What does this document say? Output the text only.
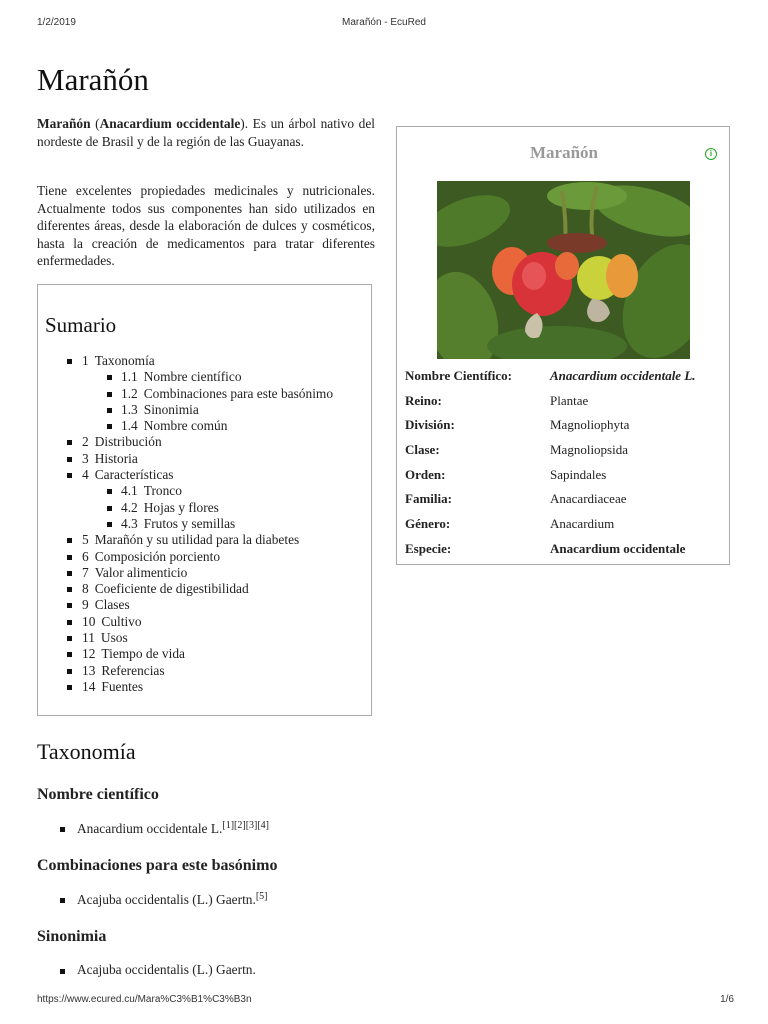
1/2/2019	Marañón - EcuRed
Marañón

Marañón (Anacardium occidentale). Es un árbol nativo del nordeste de Brasil y de la región de las Guayanas.

Tiene excelentes propiedades medicinales y nutricionales. Actualmente todos sus componentes han sido utilizados en diferentes áreas, desde la elaboración de dulces y cosméticos, hasta la creación de medicamentos para tratar diferentes enfermedades.

Sumario
1 Taxonomía
1.1 Nombre científico
1.2 Combinaciones para este basónimo
1.3 Sinonimia
1.4 Nombre común
2 Distribución
3 Historia
4 Características
4.1 Tronco
4.2 Hojas y flores
4.3 Frutos y semillas
5 Marañón y su utilidad para la diabetes
6 Composición porciento
7 Valor alimenticio
8 Coeficiente de digestibilidad
9 Clases
10 Cultivo
11 Usos
12 Tiempo de vida
13 Referencias
14 Fuentes
Marañón	i
Nombre Científico:	Anacardium occidentale L.
Reino:	Plantae
División:	Magnoliophyta
Clase:	Magnoliopsida
Orden:	Sapindales
Familia:	Anacardiaceae
Género:	Anacardium
Especie:	Anacardium occidentale
Taxonomía
Nombre científico

Anacardium occidentale L.[1][2][3][4]

Combinaciones para este basónimo

Acajuba occidentalis (L.) Gaertn.[5]

Sinonimia

Acajuba occidentalis (L.) Gaertn.

https://www.ecured.cu/Mara%C3%B1%C3%B3n	1/6
